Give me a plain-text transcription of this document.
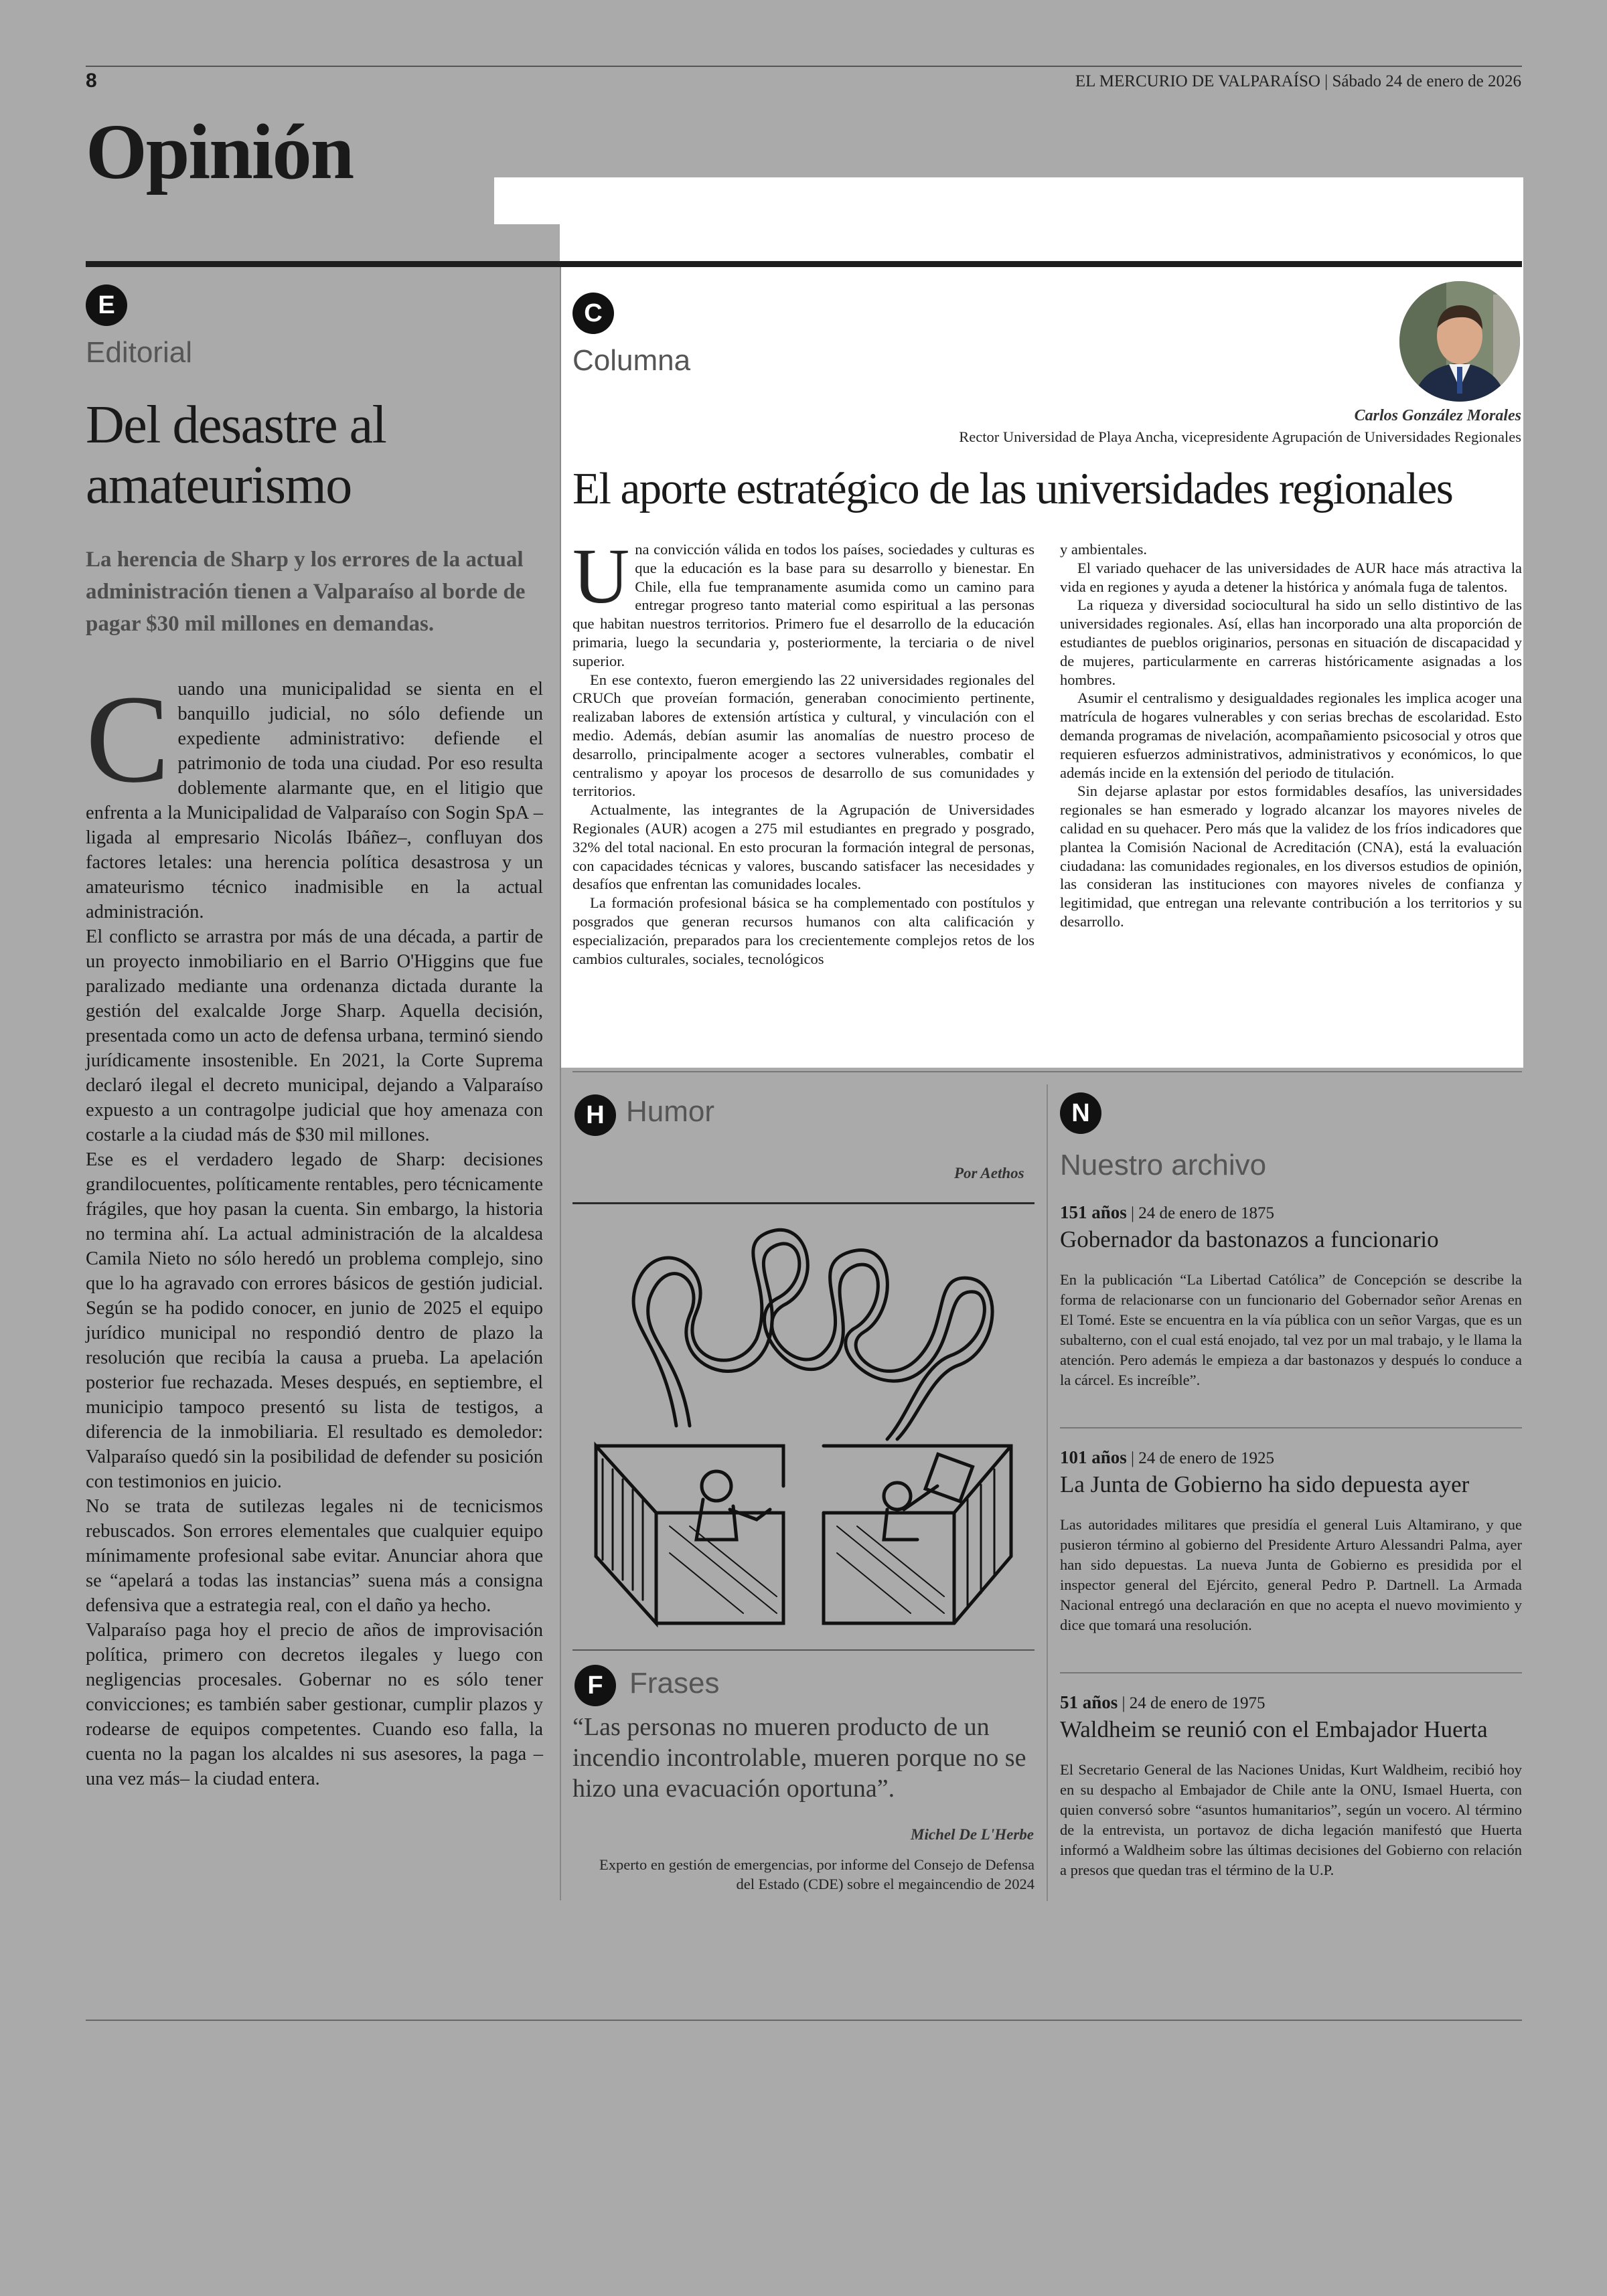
8	EL MERCURIO DE VALPARAÍSO | Sábado 24 de enero de 2026
Opinión
E
Editorial
Del desastre al amateurismo
La herencia de Sharp y los errores de la actual administración tienen a Valparaíso al borde de pagar $30 mil millones en demandas.
C uando una municipalidad se sienta en el banquillo judicial, no sólo defiende un expediente administrativo: defiende el patrimonio de toda una ciudad. Por eso resulta doblemente alarmante que, en el litigio que enfrenta a la Municipalidad de Valparaíso con Sogin SpA –ligada al empresario Nicolás Ibáñez–, confluyan dos factores letales: una herencia política desastrosa y un amateurismo técnico inadmisible en la actual administración.

El conflicto se arrastra por más de una década, a partir de un proyecto inmobiliario en el Barrio O'Higgins que fue paralizado mediante una ordenanza dictada durante la gestión del exalcalde Jorge Sharp. Aquella decisión, presentada como un acto de defensa urbana, terminó siendo jurídicamente insostenible. En 2021, la Corte Suprema declaró ilegal el decreto municipal, dejando a Valparaíso expuesto a un contragolpe judicial que hoy amenaza con costarle a la ciudad más de $30 mil millones.

Ese es el verdadero legado de Sharp: decisiones grandilocuentes, políticamente rentables, pero técnicamente frágiles, que hoy pasan la cuenta. Sin embargo, la historia no termina ahí. La actual administración de la alcaldesa Camila Nieto no sólo heredó un problema complejo, sino que lo ha agravado con errores básicos de gestión judicial. Según se ha podido conocer, en junio de 2025 el equipo jurídico municipal no respondió dentro de plazo la resolución que recibía la causa a prueba. La apelación posterior fue rechazada. Meses después, en septiembre, el municipio tampoco presentó su lista de testigos, a diferencia de la inmobiliaria. El resultado es demoledor: Valparaíso quedó sin la posibilidad de defender su posición con testimonios en juicio.

No se trata de sutilezas legales ni de tecnicismos rebuscados. Son errores elementales que cualquier equipo mínimamente profesional sabe evitar. Anunciar ahora que se “apelará a todas las instancias” suena más a consigna defensiva que a estrategia real, con el daño ya hecho.

Valparaíso paga hoy el precio de años de improvisación política, primero con decretos ilegales y luego con negligencias procesales. Gobernar no es sólo tener convicciones; es también saber gestionar, cumplir plazos y rodearse de equipos competentes. Cuando eso falla, la cuenta no la pagan los alcaldes ni sus asesores, la paga –una vez más– la ciudad entera.

C
Columna
Carlos González Morales
Rector Universidad de Playa Ancha, vicepresidente Agrupación de Universidades Regionales
El aporte estratégico de las universidades regionales
U na convicción válida en todos los países, sociedades y culturas es que la educación es la base para su desarrollo y bienestar. En Chile, ella fue tempranamente asumida como un camino para entregar progreso tanto material como espiritual a las personas que habitan nuestros territorios. Primero fue el desarrollo de la educación primaria, luego la secundaria y, posteriormente, la terciaria o de nivel superior.

En ese contexto, fueron emergiendo las 22 universidades regionales del CRUCh que proveían formación, generaban conocimiento pertinente, realizaban labores de extensión artística y cultural, y vinculación con el medio. Además, debían asumir las anomalías de nuestro proceso de desarrollo, principalmente acoger a sectores vulnerables, combatir el centralismo y apoyar los procesos de desarrollo de sus comunidades y territorios.

Actualmente, las integrantes de la Agrupación de Universidades Regionales (AUR) acogen a 275 mil estudiantes en pregrado y posgrado, 32% del total nacional. En esto procuran la formación integral de personas, con capacidades técnicas y valores, buscando satisfacer las necesidades y desafíos que enfrentan las comunidades locales.

La formación profesional básica se ha complementado con postítulos y posgrados que generan recursos humanos con alta calificación y especialización, preparados para los crecientemente complejos retos de los cambios culturales, sociales, tecnológicos

y ambientales.

El variado quehacer de las universidades de AUR hace más atractiva la vida en regiones y ayuda a detener la histórica y anómala fuga de talentos.

La riqueza y diversidad sociocultural ha sido un sello distintivo de las universidades regionales. Así, ellas han incorporado una alta proporción de estudiantes de pueblos originarios, personas en situación de discapacidad y de mujeres, particularmente en carreras históricamente asignadas a los hombres.

Asumir el centralismo y desigualdades regionales les implica acoger una matrícula de hogares vulnerables y con serias brechas de escolaridad. Esto demanda programas de nivelación, acompañamiento psicosocial y otros que requieren esfuerzos administrativos, administrativos y económicos, lo que además incide en la extensión del periodo de titulación.

Sin dejarse aplastar por estos formidables desafíos, las universidades regionales se han esmerado y logrado alcanzar los mayores niveles de calidad en su quehacer. Pero más que la validez de los fríos indicadores que plantea la Comisión Nacional de Acreditación (CNA), está la evaluación ciudadana: las comunidades regionales, en los diversos estudios de opinión, las consideran las instituciones con mayores niveles de confianza y legitimidad, que entregan una relevante contribución a los territorios y su desarrollo.

H Humor
Por Aethos
F Frases
“Las personas no mueren producto de un incendio incontrolable, mueren porque no se hizo una evacuación oportuna”.
Michel De L'Herbe
Experto en gestión de emergencias, por informe del Consejo de Defensa del Estado (CDE) sobre el megaincendio de 2024
N
Nuestro archivo
151 años | 24 de enero de 1875
Gobernador da bastonazos a funcionario
En la publicación “La Libertad Católica” de Concepción se describe la forma de relacionarse con un funcionario del Gobernador señor Arenas en El Tomé. Este se encuentra en la vía pública con un señor Vargas, que es un subalterno, con el cual está enojado, tal vez por un mal trabajo, y le llama la atención. Pero además le empieza a dar bastonazos y después lo conduce a la cárcel. Es increíble”.
101 años | 24 de enero de 1925
La Junta de Gobierno ha sido depuesta ayer
Las autoridades militares que presidía el general Luis Altamirano, y que pusieron término al gobierno del Presidente Arturo Alessandri Palma, ayer han sido depuestas. La nueva Junta de Gobierno es presidida por el inspector general del Ejército, general Pedro P. Dartnell. La Armada Nacional entregó una declaración en que no acepta el nuevo movimiento y dice que tomará una resolución.
51 años | 24 de enero de 1975
Waldheim se reunió con el Embajador Huerta
El Secretario General de las Naciones Unidas, Kurt Waldheim, recibió hoy en su despacho al Embajador de Chile ante la ONU, Ismael Huerta, con quien conversó sobre “asuntos humanitarios”, según un vocero. Al término de la entrevista, un portavoz de dicha legación manifestó que Huerta informó a Waldheim sobre las últimas decisiones del Gobierno con relación a presos que quedan tras el término de la U.P.
